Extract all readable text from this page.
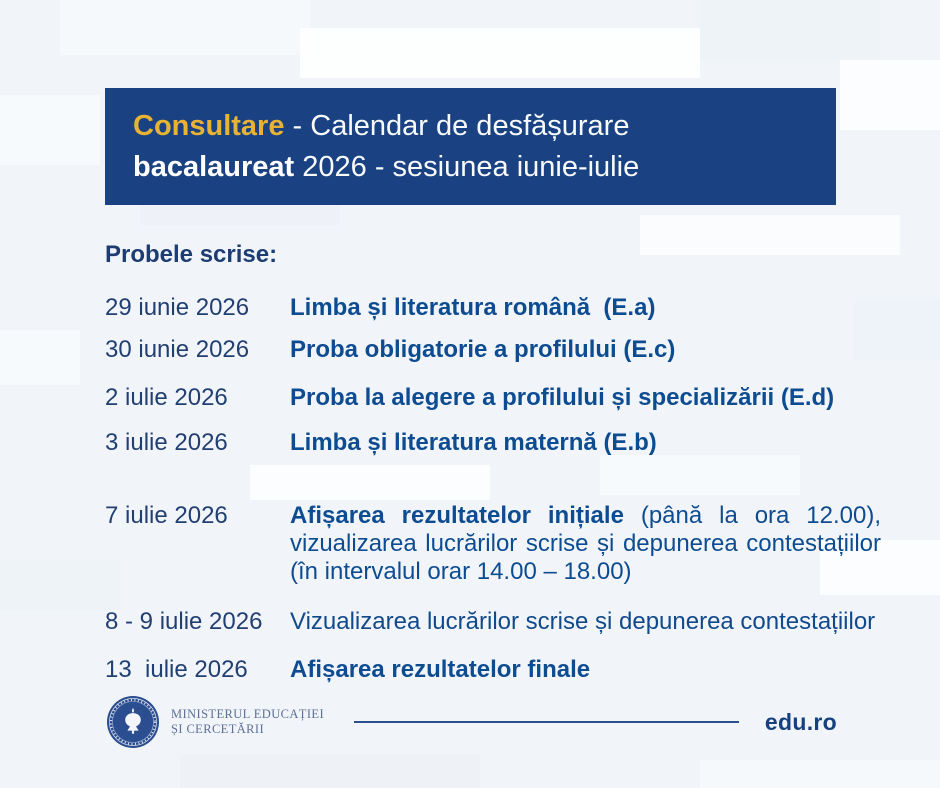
Consultare - Calendar de desfășurare
bacalaureat 2026 - sesiunea iunie-iulie
Probele scrise:
29 iunie 2026	Limba și literatura română  (E.a)
30 iunie 2026	Proba obligatorie a profilului (E.c)
2 iulie 2026	Proba la alegere a profilului și specializării (E.d)
3 iulie 2026	Limba și literatura maternă (E.b)
7 iulie 2026	Afișarea rezultatelor inițiale (până la ora 12.00), vizualizarea lucrărilor scrise și depunerea contestațiilor (în intervalul orar 14.00 – 18.00)
8 - 9 iulie 2026	Vizualizarea lucrărilor scrise și depunerea contestațiilor
13  iulie 2026	Afișarea rezultatelor finale
MINISTERUL EDUCAȚIEI
ȘI CERCETĂRII	edu.ro
